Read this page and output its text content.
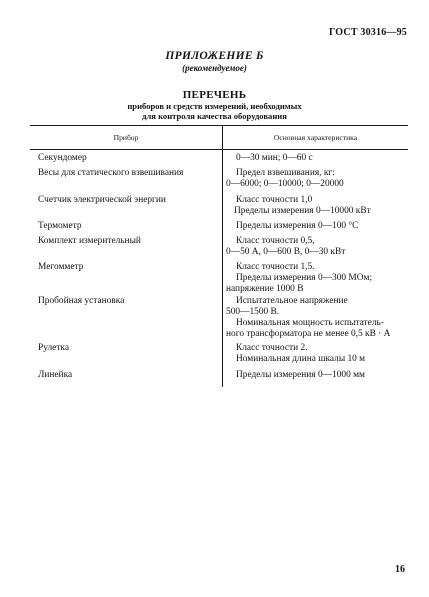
ГОСТ 30316—95
ПРИЛОЖЕНИЕ Б
(рекомендуемое)
ПЕРЕЧЕНЬ
приборов и средств измерений, необходимых
для контроля качества оборудования
Прибор	Основная характеристика
Секундомер	0—30 мин; 0—60 с
Весы для статического взвешивания	Предел взвешивания, кг:
0—6000; 0—10000; 0—20000
Счетчик электрической энергии	Класс точности 1,0
Пределы измерения 0—10000 кВт
Термометр	Пределы измерения 0—100 °С
Комплект измерительный	Класс точности 0,5,
0—50 А, 0—600 В, 0—30 кВт
Мегомметр	Класс точности 1,5.
Пределы измерения 0—300 МОм;
напряжение 1000 В
Пробойная установка	Испытательное напряжение
500—1500 В.
Номинальная мощность испытатель-
ного трансформатора не менее 0,5 кВ · А
Рулетка	Класс точности 2.
Номинальная длина шкалы 10 м
Линейка	Пределы измерения 0—1000 мм
16
